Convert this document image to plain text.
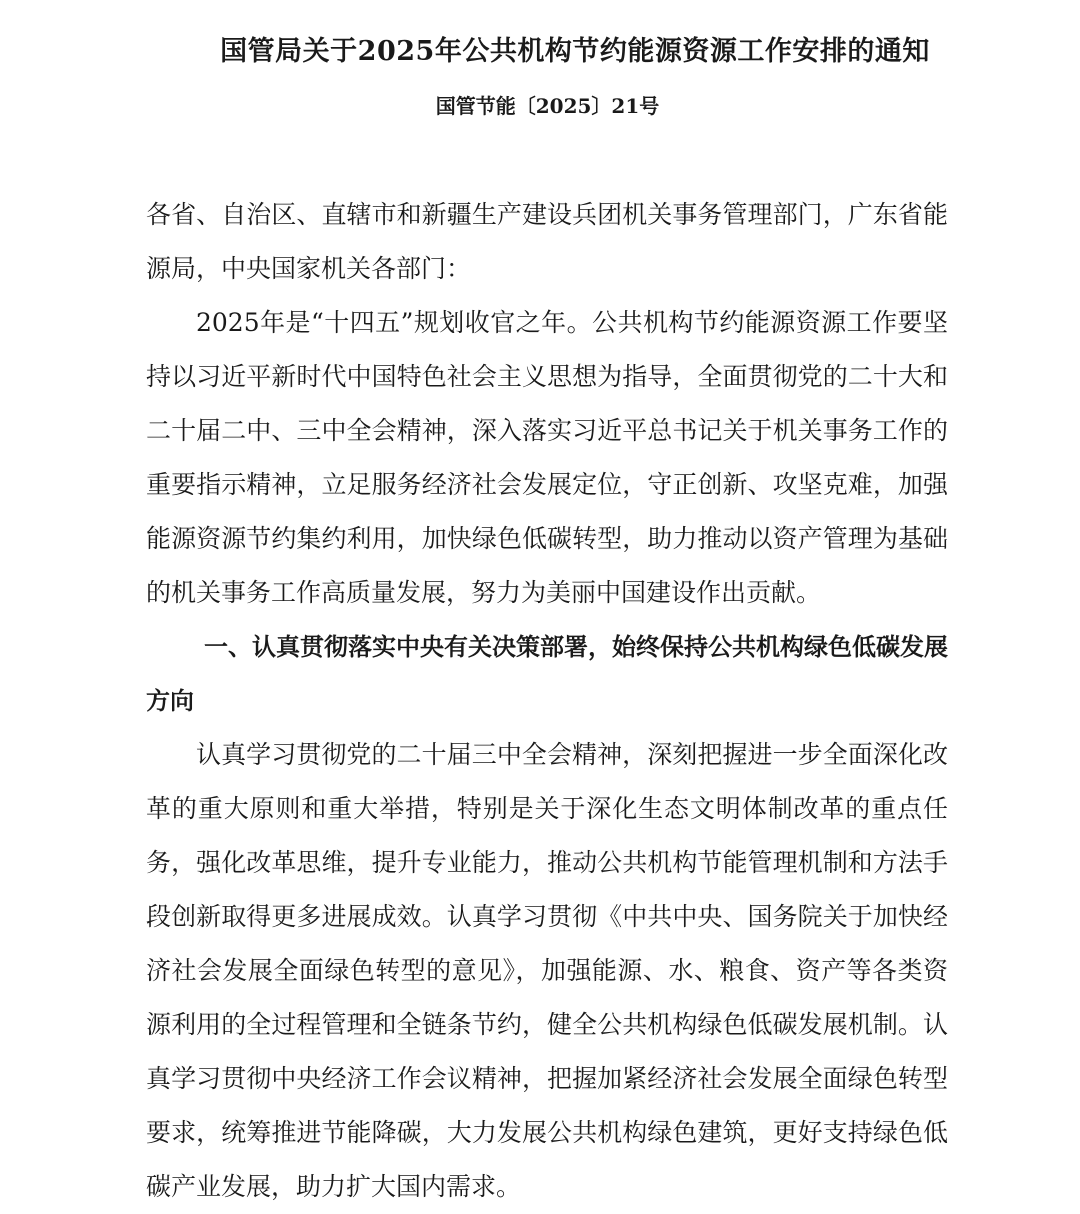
国管局关于2025年公共机构节约能源资源工作安排的通知
国管节能〔2025〕21号

各省、自治区、直辖市和新疆生产建设兵团机关事务管理部门，广东省能源局，中央国家机关各部门：

2025年是“十四五”规划收官之年。公共机构节约能源资源工作要坚持以习近平新时代中国特色社会主义思想为指导，全面贯彻党的二十大和二十届二中、三中全会精神，深入落实习近平总书记关于机关事务工作的重要指示精神，立足服务经济社会发展定位，守正创新、攻坚克难，加强能源资源节约集约利用，加快绿色低碳转型，助力推动以资产管理为基础的机关事务工作高质量发展，努力为美丽中国建设作出贡献。

一、认真贯彻落实中央有关决策部署，始终保持公共机构绿色低碳发展方向

认真学习贯彻党的二十届三中全会精神，深刻把握进一步全面深化改革的重大原则和重大举措，特别是关于深化生态文明体制改革的重点任务，强化改革思维，提升专业能力，推动公共机构节能管理机制和方法手段创新取得更多进展成效。认真学习贯彻《中共中央、国务院关于加快经济社会发展全面绿色转型的意见》，加强能源、水、粮食、资产等各类资源利用的全过程管理和全链条节约，健全公共机构绿色低碳发展机制。认真学习贯彻中央经济工作会议精神，把握加紧经济社会发展全面绿色转型要求，统筹推进节能降碳，大力发展公共机构绿色建筑，更好支持绿色低碳产业发展，助力扩大国内需求。
